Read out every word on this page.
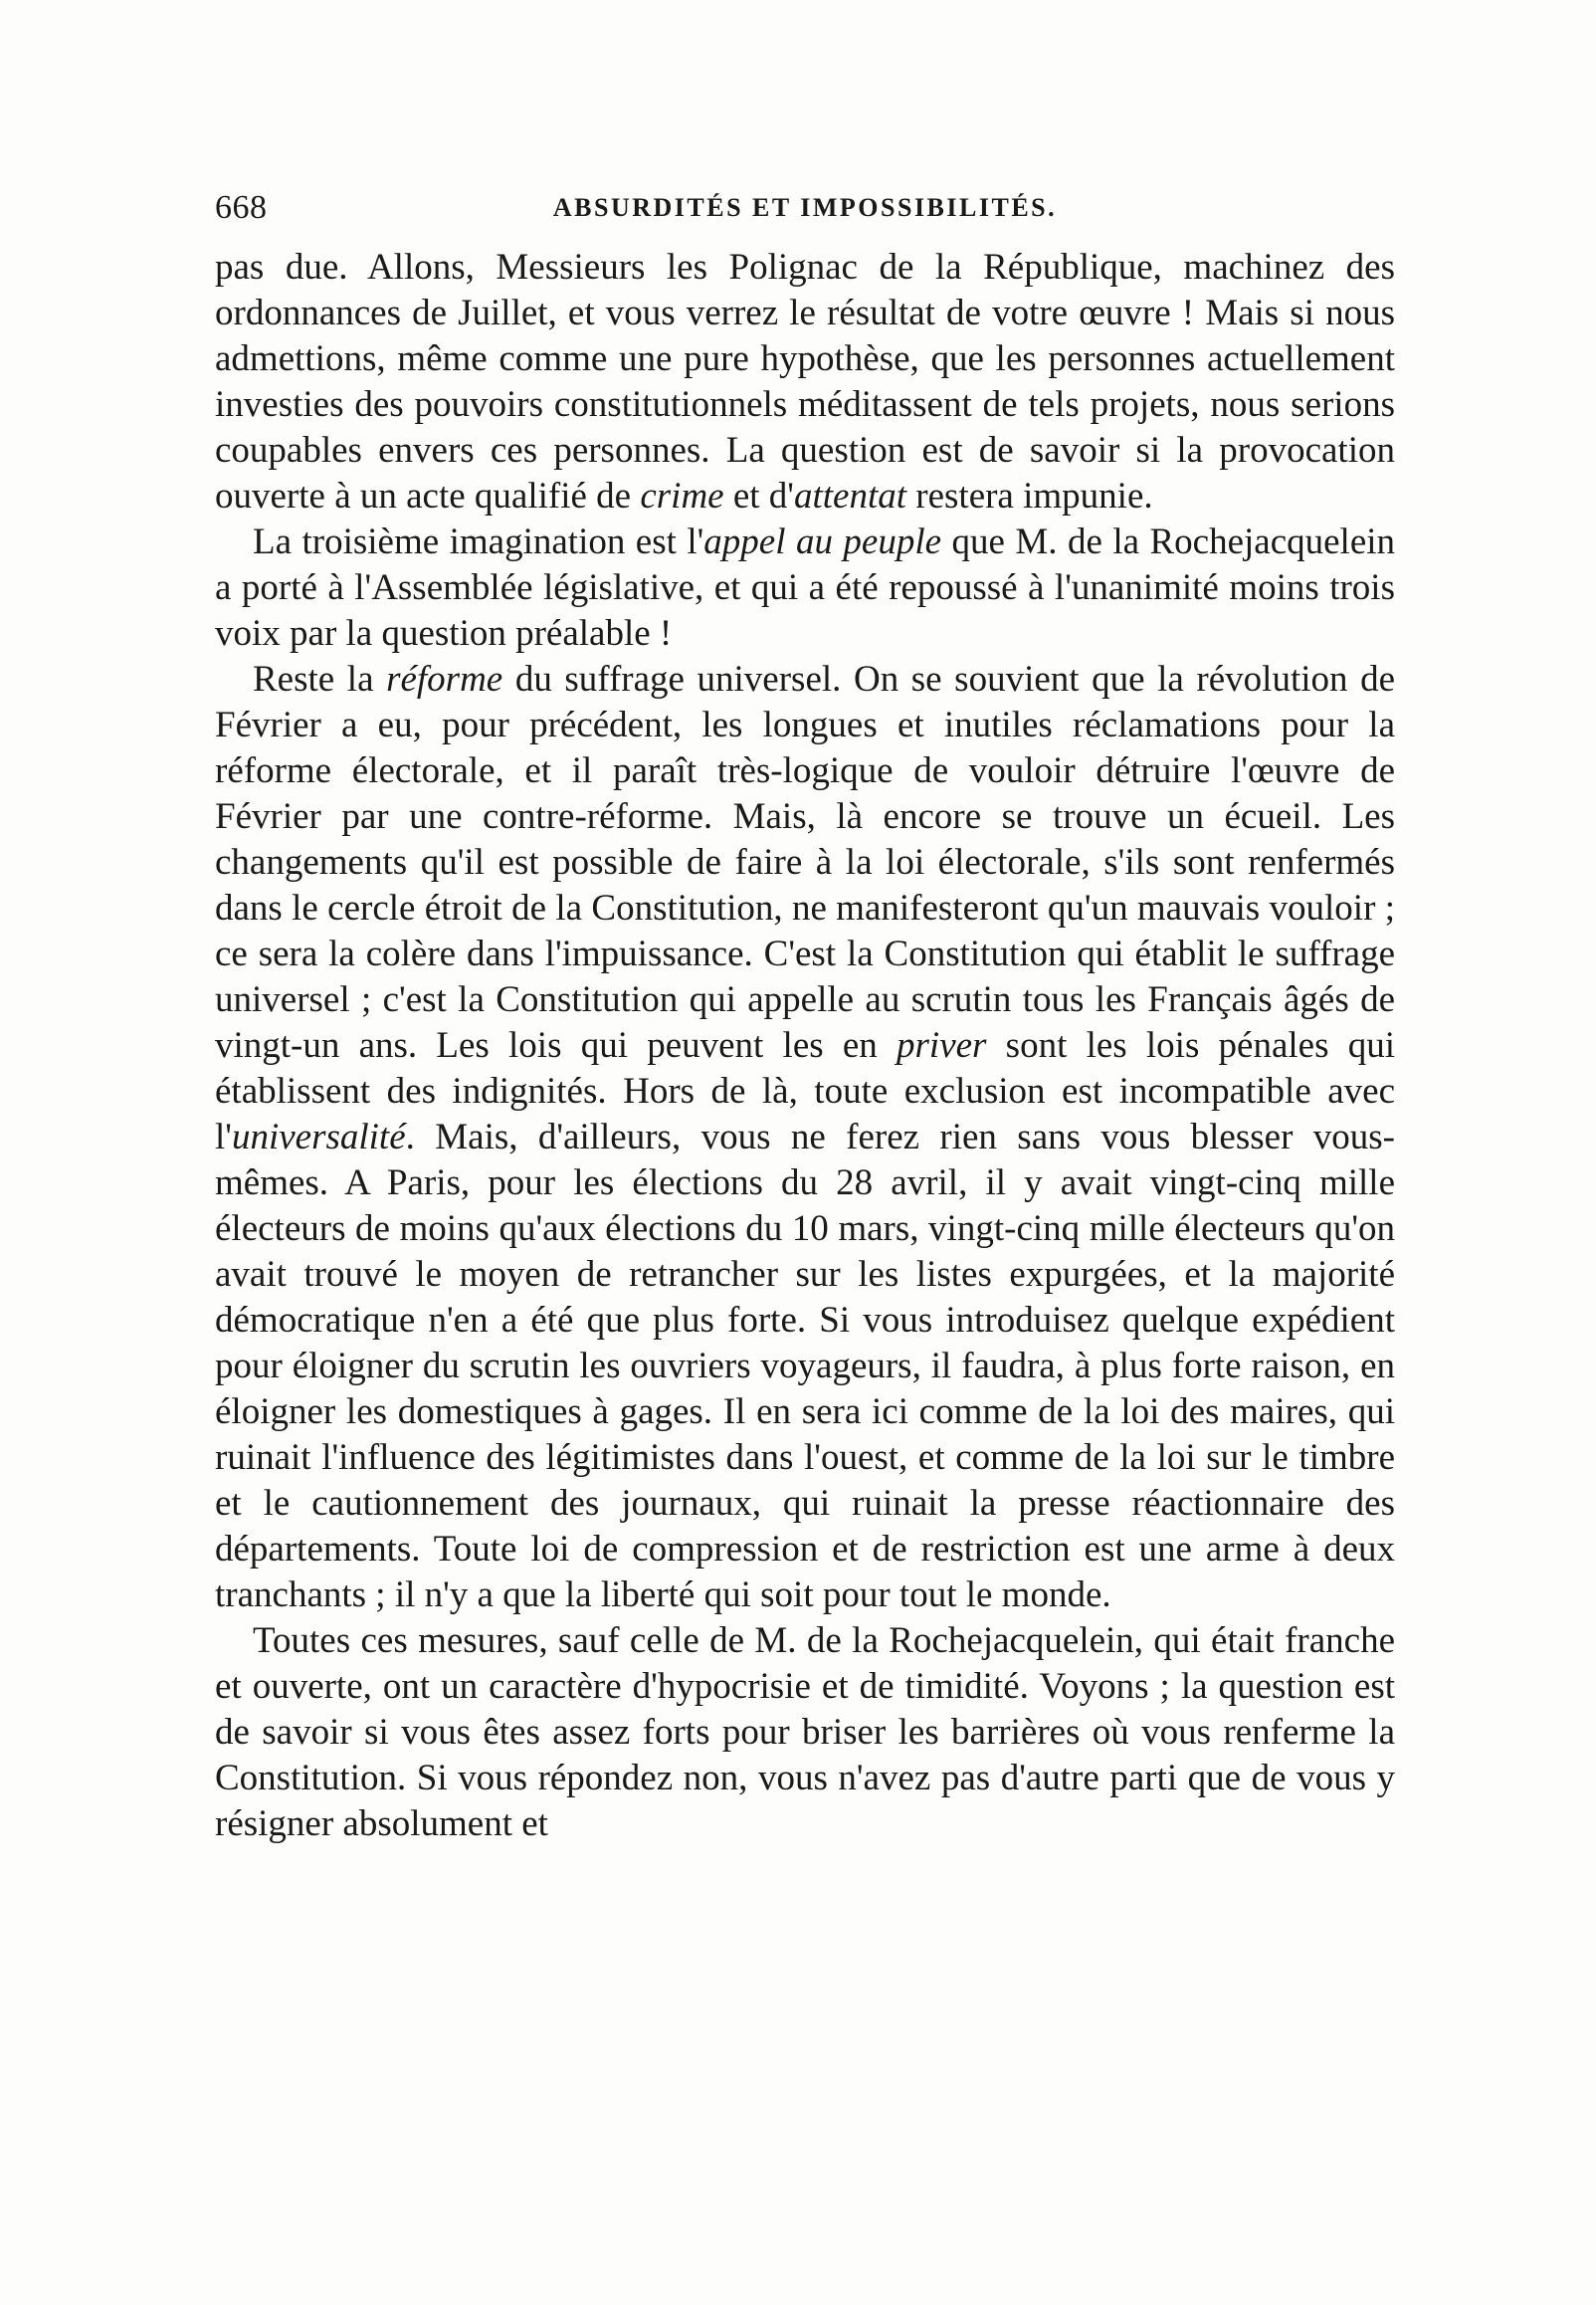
668	ABSURDITÉS ET IMPOSSIBILITÉS.

pas due. Allons, Messieurs les Polignac de la République, machinez des ordonnances de Juillet, et vous verrez le résultat de votre œuvre ! Mais si nous admettions, même comme une pure hypothèse, que les personnes actuellement investies des pouvoirs constitutionnels méditassent de tels projets, nous serions coupables envers ces personnes. La question est de savoir si la provocation ouverte à un acte qualifié de crime et d'attentat restera impunie.

La troisième imagination est l'appel au peuple que M. de la Rochejacquelein a porté à l'Assemblée législative, et qui a été repoussé à l'unanimité moins trois voix par la question préalable !

Reste la réforme du suffrage universel. On se souvient que la révolution de Février a eu, pour précédent, les longues et inutiles réclamations pour la réforme électorale, et il paraît très-logique de vouloir détruire l'œuvre de Février par une contre-réforme. Mais, là encore se trouve un écueil. Les changements qu'il est possible de faire à la loi électorale, s'ils sont renfermés dans le cercle étroit de la Constitution, ne manifesteront qu'un mauvais vouloir ; ce sera la colère dans l'impuissance. C'est la Constitution qui établit le suffrage universel ; c'est la Constitution qui appelle au scrutin tous les Français âgés de vingt-un ans. Les lois qui peuvent les en priver sont les lois pénales qui établissent des indignités. Hors de là, toute exclusion est incompatible avec l'universalité. Mais, d'ailleurs, vous ne ferez rien sans vous blesser vous-mêmes. A Paris, pour les élections du 28 avril, il y avait vingt-cinq mille électeurs de moins qu'aux élections du 10 mars, vingt-cinq mille électeurs qu'on avait trouvé le moyen de retrancher sur les listes expurgées, et la majorité démocratique n'en a été que plus forte. Si vous introduisez quelque expédient pour éloigner du scrutin les ouvriers voyageurs, il faudra, à plus forte raison, en éloigner les domestiques à gages. Il en sera ici comme de la loi des maires, qui ruinait l'influence des légitimistes dans l'ouest, et comme de la loi sur le timbre et le cautionnement des journaux, qui ruinait la presse réactionnaire des départements. Toute loi de compression et de restriction est une arme à deux tranchants ; il n'y a que la liberté qui soit pour tout le monde.

Toutes ces mesures, sauf celle de M. de la Rochejacquelein, qui était franche et ouverte, ont un caractère d'hypocrisie et de timidité. Voyons ; la question est de savoir si vous êtes assez forts pour briser les barrières où vous renferme la Constitution. Si vous répondez non, vous n'avez pas d'autre parti que de vous y résigner absolument et
